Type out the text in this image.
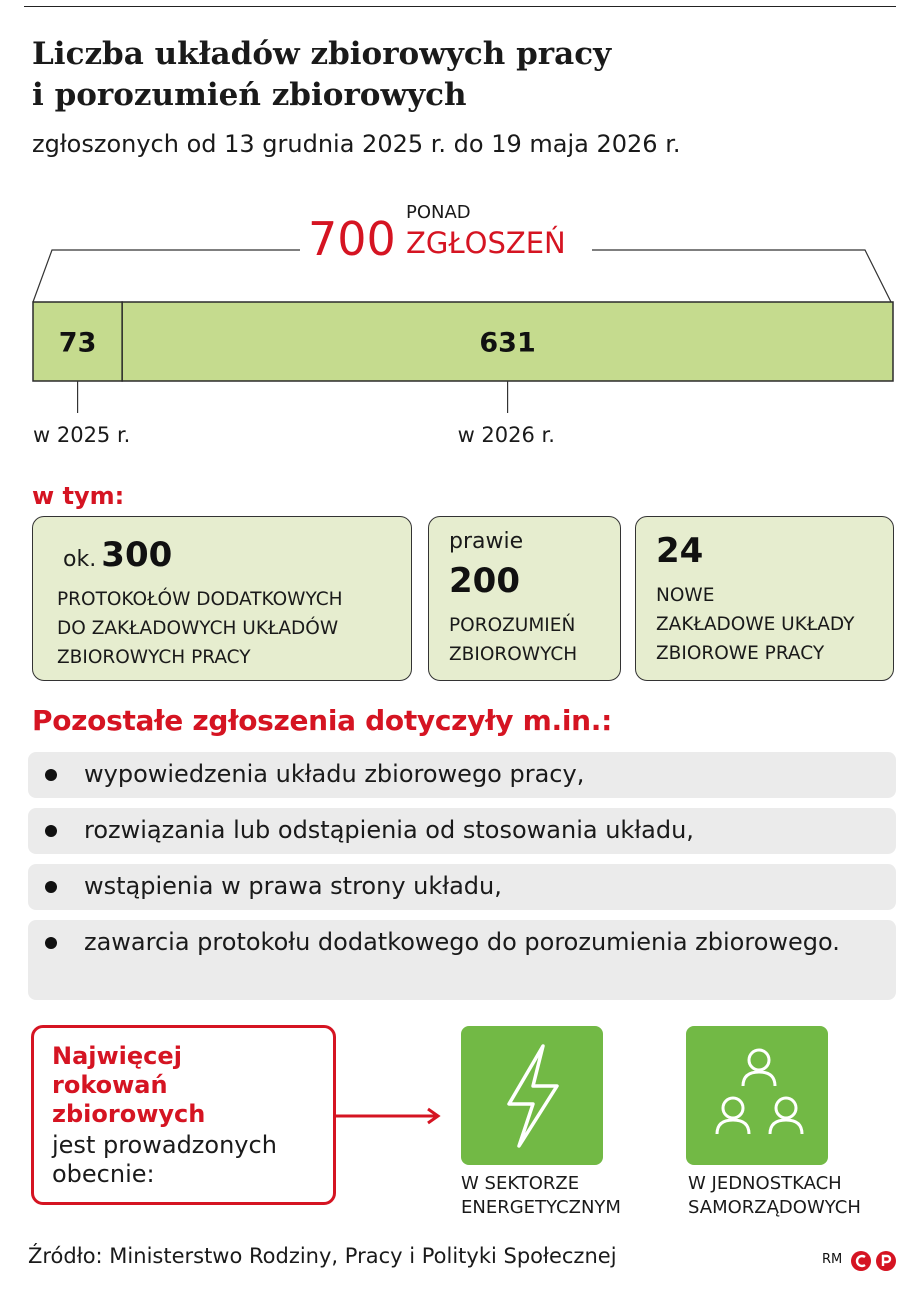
Liczba układów zbiorowych pracy
i porozumień zbiorowych
zgłoszonych od 13 grudnia 2025 r. do 19 maja 2026 r.
700 PONAD
ZGŁOSZEŃ
73
w 2025 r.
631
w 2026 r.
w tym:
ok. 300
PROTOKOŁÓW DODATKOWYCH
DO ZAKŁADOWYCH UKŁADÓW
ZBIOROWYCH PRACY
prawie
200
POROZUMIEŃ
ZBIOROWYCH
24
NOWE
ZAKŁADOWE UKŁADY
ZBIOROWE PRACY
Pozostałe zgłoszenia dotyczyły m.in.:
wypowiedzenia układu zbiorowego pracy,
rozwiązania lub odstąpienia od stosowania układu,
wstąpienia w prawa strony układu,
zawarcia protokołu dodatkowego do porozumienia zbiorowego.
Najwięcej
rokowań
zbiorowych
jest prowadzonych
obecnie:	W SEKTORZE
ENERGETYCZNYM
W JEDNOSTKACH
SAMORZĄDOWYCH
Źródło: Ministerstwo Rodziny, Pracy i Polityki Społecznej	RM
